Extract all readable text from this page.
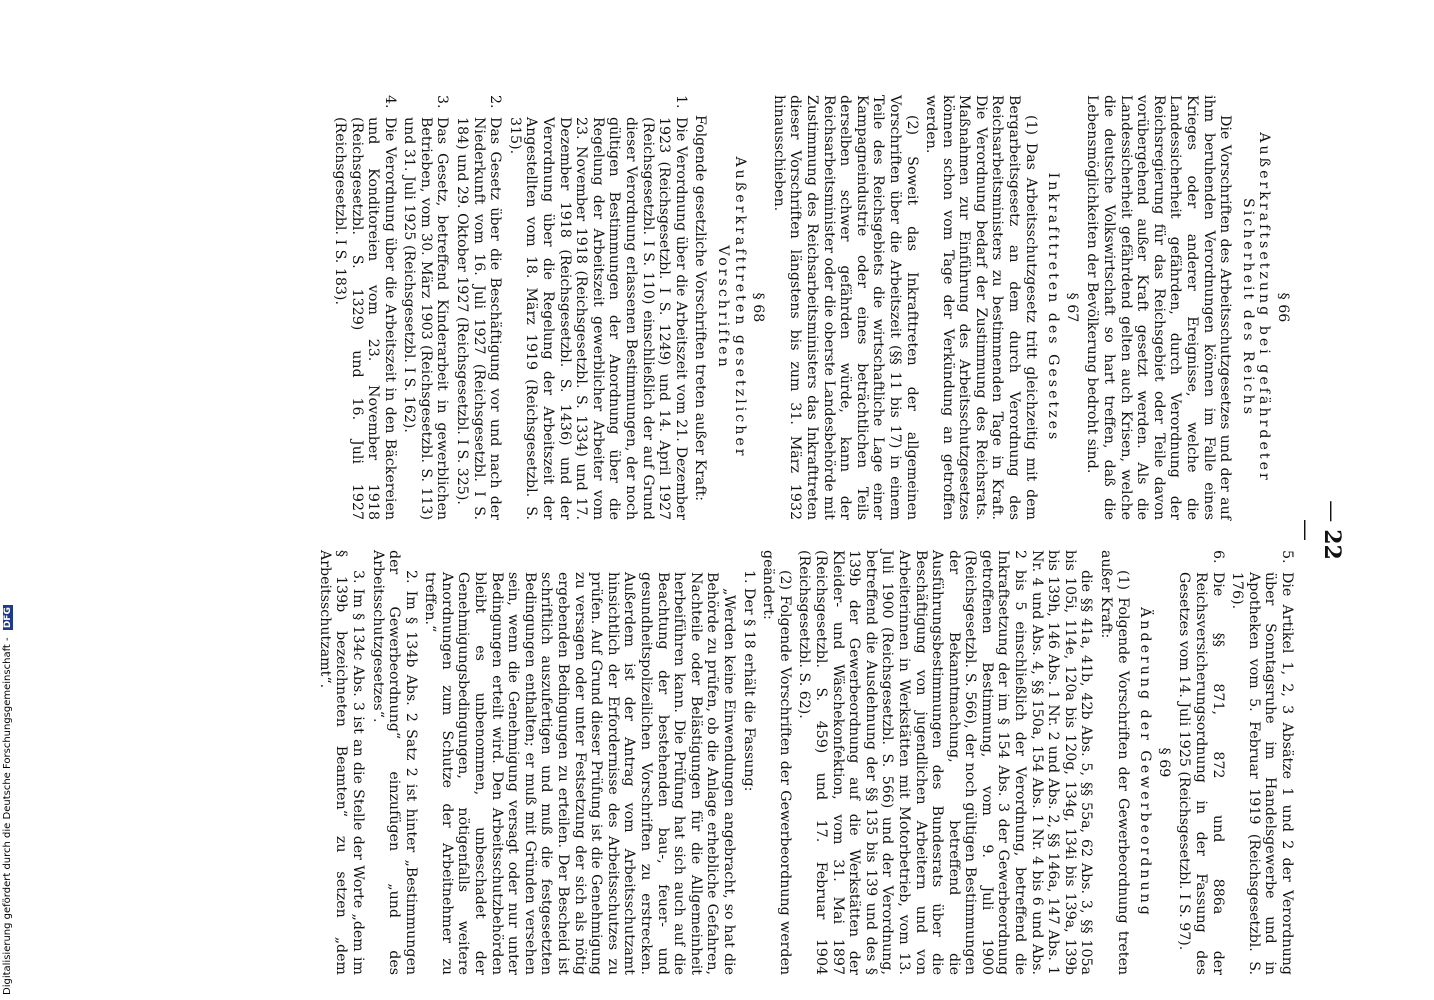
— 22 —
§ 66
Außerkraftsetzung bei gefährdeter Sicherheit des Reichs

Die Vorschriften des Arbeitsschutzgesetzes und der auf ihm beruhenden Verordnungen können im Falle eines Krieges oder anderer Ereignisse, welche die Landessicherheit gefährden, durch Verordnung der Reichsregierung für das Reichsgebiet oder Teile davon vorübergehend außer Kraft gesetzt werden. Als die Landessicherheit gefährdend gelten auch Krisen, welche die deutsche Volkswirtschaft so hart treffen, daß die Lebensmöglichkeiten der Bevölkerung bedroht sind.

§ 67
Inkrafttreten des Gesetzes

(1) Das Arbeitsschutzgesetz tritt gleichzeitig mit dem Bergarbeitsgesetz an dem durch Verordnung des Reichsarbeitsministers zu bestimmenden Tage in Kraft. Die Verordnung bedarf der Zustimmung des Reichsrats. Maßnahmen zur Einführung des Arbeitsschutzgesetzes können schon vom Tage der Verkündung an getroffen werden.

(2) Soweit das Inkrafttreten der allgemeinen Vorschriften über die Arbeitszeit (§§ 11 bis 17) in einem Teile des Reichsgebiets die wirtschaftliche Lage einer Kampagneindustrie oder eines beträchtlichen Teils derselben schwer gefährden würde, kann der Reichsarbeitsminister oder die oberste Landesbehörde mit Zustimmung des Reichsarbeitsministers das Inkrafttreten dieser Vorschriften längstens bis zum 31. März 1932 hinausschieben.

§ 68
Außerkrafttreten gesetzlicher Vorschriften

Folgende gesetzliche Vorschriften treten außer Kraft:

1.
Die Verordnung über die Arbeitszeit vom 21. Dezember 1923 (Reichsgesetzbl. I S. 1249) und 14. April 1927 (Reichsgesetzbl. I S. 110) einschließlich der auf Grund dieser Verordnung erlassenen Bestimmungen, der noch gültigen Bestimmungen der Anordnung über die Regelung der Arbeitszeit gewerblicher Arbeiter vom 23. November 1918 (Reichsgesetzbl. S. 1334) und 17. Dezember 1918 (Reichsgesetzbl. S. 1436) und der Verordnung über die Regelung der Arbeitszeit der Angestellten vom 18. März 1919 (Reichsgesetzbl. S. 315).
2.
Das Gesetz über die Beschäftigung vor und nach der Niederkunft vom 16. Juli 1927 (Reichsgesetzbl. I S. 184) und 29. Oktober 1927 (Reichsgesetzbl. I S. 325).
3.
Das Gesetz, betreffend Kinderarbeit in gewerblichen Betrieben, vom 30. März 1903 (Reichsgesetzbl. S. 113) und 31. Juli 1925 (Reichsgesetzbl. I S. 162).
4.
Die Verordnung über die Arbeitszeit in den Bäckereien und Konditoreien vom 23. November 1918 (Reichsgesetzbl. S. 1329) und 16. Juli 1927 (Reichsgesetzbl. I S. 183).
5.
Die Artikel 1, 2, 3 Absätze 1 und 2 der Verordnung über Sonntagsruhe im Handelsgewerbe und in Apotheken vom 5. Februar 1919 (Reichsgesetzbl. S. 176).
6.
Die §§ 871, 872 und 886a der Reichsversicherungsordnung in der Fassung des Gesetzes vom 14. Juli 1925 (Reichsgesetzbl. I S. 97).
§ 69
Änderung der Gewerbeordnung

(1) Folgende Vorschriften der Gewerbeordnung treten außer Kraft:

die §§ 41a, 41b, 42b Abs. 5, §§ 55a, 62 Abs. 3, §§ 105a bis 105i, 114e, 120a bis 120g, 134g, 134i bis 139a, 139b bis 139h, 146 Abs. 1 Nr. 2 und Abs. 2, §§ 146a, 147 Abs. 1 Nr. 4 und Abs. 4, §§ 150a, 154 Abs. 1 Nr. 4 bis 6 und Abs. 2 bis 5 einschließlich der Verordnung, betreffend die Inkraftsetzung der im § 154 Abs. 3 der Gewerbeordnung getroffenen Bestimmung, vom 9. Juli 1900 (Reichsgesetzbl. S. 566), der noch gültigen Bestimmungen der Bekanntmachung, betreffend die Ausführungsbestimmungen des Bundesrats über die Beschäftigung von jugendlichen Arbeitern und von Arbeiterinnen in Werkstätten mit Motorbetrieb, vom 13. Juli 1900 (Reichsgesetzbl. S. 566) und der Verordnung, betreffend die Ausdehnung der §§ 135 bis 139 und des § 139b der Gewerbeordnung auf die Werkstätten der Kleider- und Wäschekonfektion, vom 31. Mai 1897 (Reichsgesetzbl. S. 459) und 17. Februar 1904 (Reichsgesetzbl. S. 62).

(2) Folgende Vorschriften der Gewerbeordnung werden geändert:

1. Der § 18 erhält die Fassung:

„Werden keine Einwendungen angebracht, so hat die Behörde zu prüfen, ob die Anlage erhebliche Gefahren, Nachteile oder Belästigungen für die Allgemeinheit herbeiführen kann. Die Prüfung hat sich auch auf die Beachtung der bestehenden bau-, feuer- und gesundheitspolizeilichen Vorschriften zu erstrecken. Außerdem ist der Antrag vom Arbeitsschutzamt hinsichtlich der Erfordernisse des Arbeitsschutzes zu prüfen. Auf Grund dieser Prüfung ist die Genehmigung zu versagen oder unter Festsetzung der sich als nötig ergebenden Bedingungen zu erteilen. Der Bescheid ist schriftlich auszufertigen und muß die festgesetzten Bedingungen enthalten; er muß mit Gründen versehen sein, wenn die Genehmigung versagt oder nur unter Bedingungen erteilt wird. Den Arbeitsschutzbehörden bleibt es unbenommen, unbeschadet der Genehmigungsbedingungen, nötigenfalls weitere Anordnungen zum Schutze der Arbeitnehmer zu treffen.“

2. Im § 134b Abs. 2 Satz 2 ist hinter „Bestimmungen der Gewerbeordnung“ einzufügen „und des Arbeitsschutzgesetzes“.

3. Im § 134c Abs. 3 ist an die Stelle der Worte „dem im § 139b bezeichneten Beamten“ zu setzen „dem Arbeitsschutzamt“.

Digitalisierung gefördert durch die Deutsche Forschungsgemeinschaft - DFG
